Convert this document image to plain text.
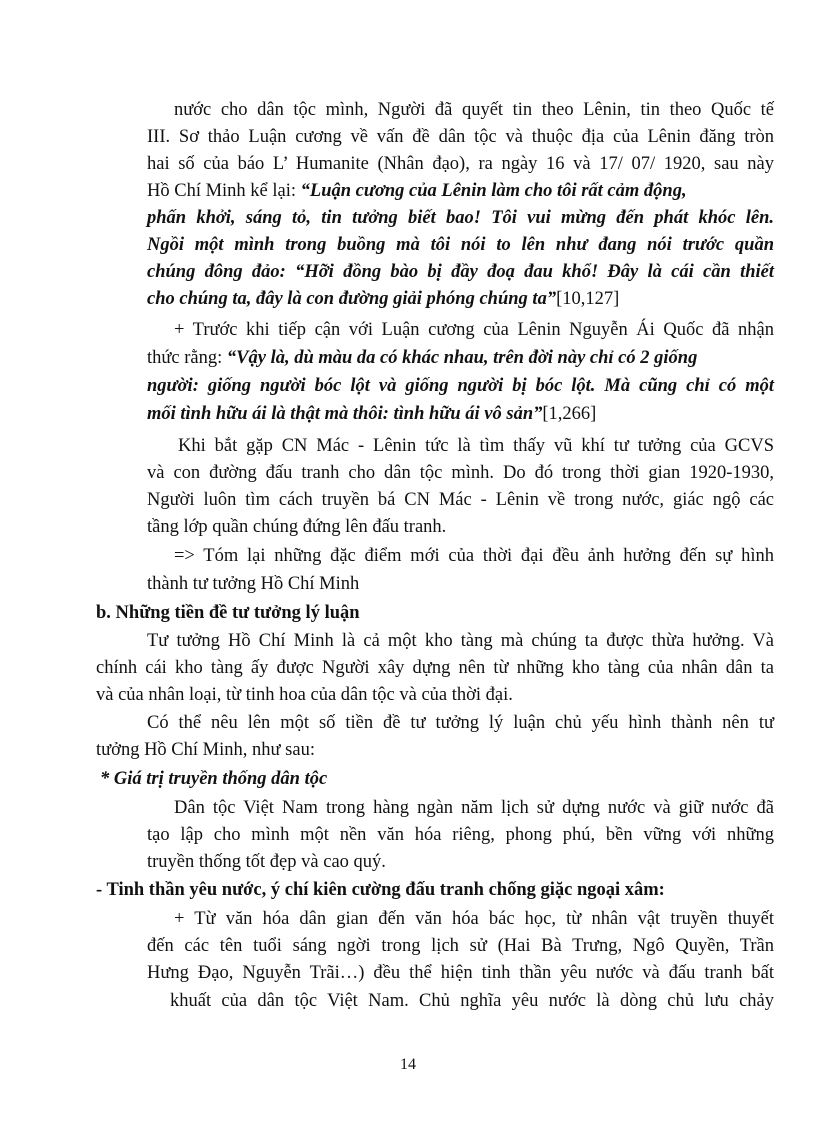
nước cho dân tộc mình, Người đã quyết tin theo Lênin, tin theo Quốc tế
III. Sơ thảo Luận cương về vấn đề dân tộc và thuộc địa của Lênin đăng tròn
hai số của báo L’ Humanite (Nhân đạo), ra ngày 16 và 17/ 07/ 1920, sau này
Hồ Chí Minh kể lại: “Luận cương của Lênin làm cho tôi rất cảm động,
phấn khởi, sáng tỏ, tin tưởng biết bao! Tôi vui mừng đến phát khóc lên.
Ngồi một mình trong buồng mà tôi nói to lên như đang nói trước quần
chúng đông đảo: “Hỡi đồng bào bị đầy đoạ đau khổ! Đây là cái cần thiết
cho chúng ta, đây là con đường giải phóng chúng ta”[10,127]
+ Trước khi tiếp cận với Luận cương của Lênin Nguyễn Ái Quốc đã nhận
thức rằng: “Vậy là, dù màu da có khác nhau, trên đời này chỉ có 2 giống
người: giống người bóc lột và giống người bị bóc lột. Mà cũng chỉ có một
mối tình hữu ái là thật mà thôi: tình hữu ái vô sản”[1,266]
Khi bắt gặp CN Mác - Lênin tức là tìm thấy vũ khí tư tưởng của GCVS
và con đường đấu tranh cho dân tộc mình. Do đó trong thời gian 1920-1930,
Người luôn tìm cách truyền bá CN Mác - Lênin về trong nước, giác ngộ các
tầng lớp quần chúng đứng lên đấu tranh.
=> Tóm lại những đặc điểm mới của thời đại đều ảnh hưởng đến sự hình
thành tư tưởng Hồ Chí Minh
b. Những tiền đề tư tưởng lý luận
Tư tưởng Hồ Chí Minh là cả một kho tàng mà chúng ta được thừa hưởng. Và
chính cái kho tàng ấy được Người xây dựng nên từ những kho tàng của nhân dân ta
và của nhân loại, từ tinh hoa của dân tộc và của thời đại.
Có thể nêu lên một số tiền đề tư tưởng lý luận chủ yếu hình thành nên tư
tưởng Hồ Chí Minh, như sau:
* Giá trị truyền thống dân tộc
Dân tộc Việt Nam trong hàng ngàn năm lịch sử dựng nước và giữ nước đã
tạo lập cho mình một nền văn hóa riêng, phong phú, bền vững với những
truyền thống tốt đẹp và cao quý.
- Tinh thần yêu nước, ý chí kiên cường đấu tranh chống giặc ngoại xâm:
+ Từ văn hóa dân gian đến văn hóa bác học, từ nhân vật truyền thuyết
đến các tên tuổi sáng ngời trong lịch sử (Hai Bà Trưng, Ngô Quyền, Trần
Hưng Đạo, Nguyễn Trãi…) đều thể hiện tinh thần yêu nước và đấu tranh bất
khuất của dân tộc Việt Nam. Chủ nghĩa yêu nước là dòng chủ lưu chảy
14
